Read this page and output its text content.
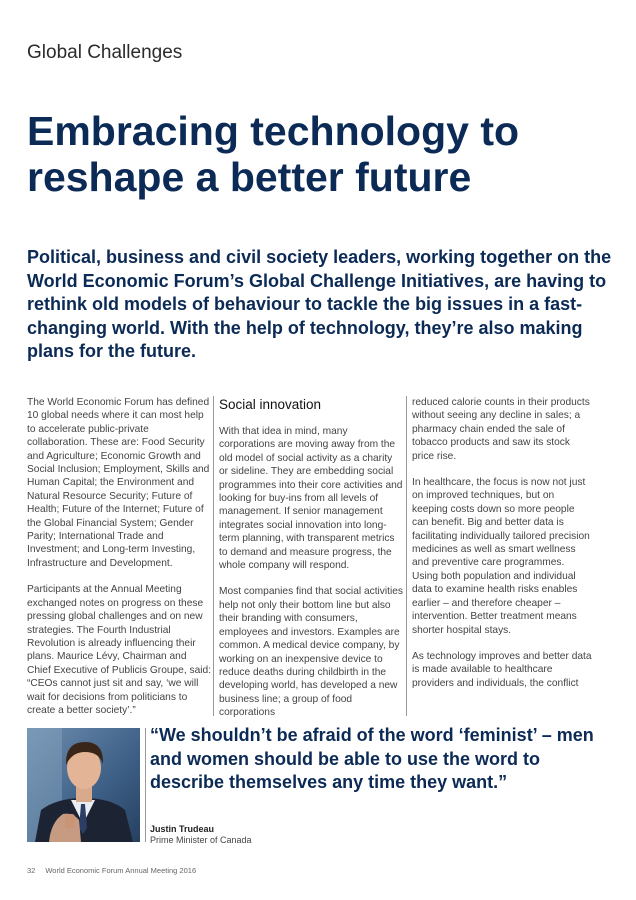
Global Challenges
Embracing technology to reshape a better future

Political, business and civil society leaders, working together on the World Economic Forum’s Global Challenge Initiatives, are having to rethink old models of behaviour to tackle the big issues in a fast-changing world. With the help of technology, they’re also making plans for the future.

The World Economic Forum has defined 10 global needs where it can most help to accelerate public-private collaboration. These are: Food Security and Agriculture; Economic Growth and Social Inclusion; Employment, Skills and Human Capital; the Environment and Natural Resource Security; Future of Health; Future of the Internet; Future of the Global Financial System; Gender Parity; International Trade and Investment; and Long-term Investing, Infrastructure and Development.

Participants at the Annual Meeting exchanged notes on progress on these pressing global challenges and on new strategies. The Fourth Industrial Revolution is already influencing their plans. Maurice Lévy, Chairman and Chief Executive of Publicis Groupe, said: “CEOs cannot just sit and say, ‘we will wait for decisions from politicians to create a better society’.”

Social innovation

With that idea in mind, many corporations are moving away from the old model of social activity as a charity or sideline. They are embedding social programmes into their core activities and looking for buy-ins from all levels of management. If senior management integrates social innovation into long-term planning, with transparent metrics to demand and measure progress, the whole company will respond.

Most companies find that social activities help not only their bottom line but also their branding with consumers, employees and investors. Examples are common. A medical device company, by working on an inexpensive device to reduce deaths during childbirth in the developing world, has developed a new business line; a group of food corporations

reduced calorie counts in their products without seeing any decline in sales; a pharmacy chain ended the sale of tobacco products and saw its stock price rise.

In healthcare, the focus is now not just on improved techniques, but on keeping costs down so more people can benefit. Big and better data is facilitating individually tailored precision medicines as well as smart wellness and preventive care programmes. Using both population and individual data to examine health risks enables earlier – and therefore cheaper – intervention. Better treatment means shorter hospital stays.

As technology improves and better data is made available to healthcare providers and individuals, the conflict

“We shouldn’t be afraid of the word ‘feminist’ – men and women should be able to use the word to describe themselves any time they want.”

Justin Trudeau
Prime Minister of Canada
32 World Economic Forum Annual Meeting 2016
